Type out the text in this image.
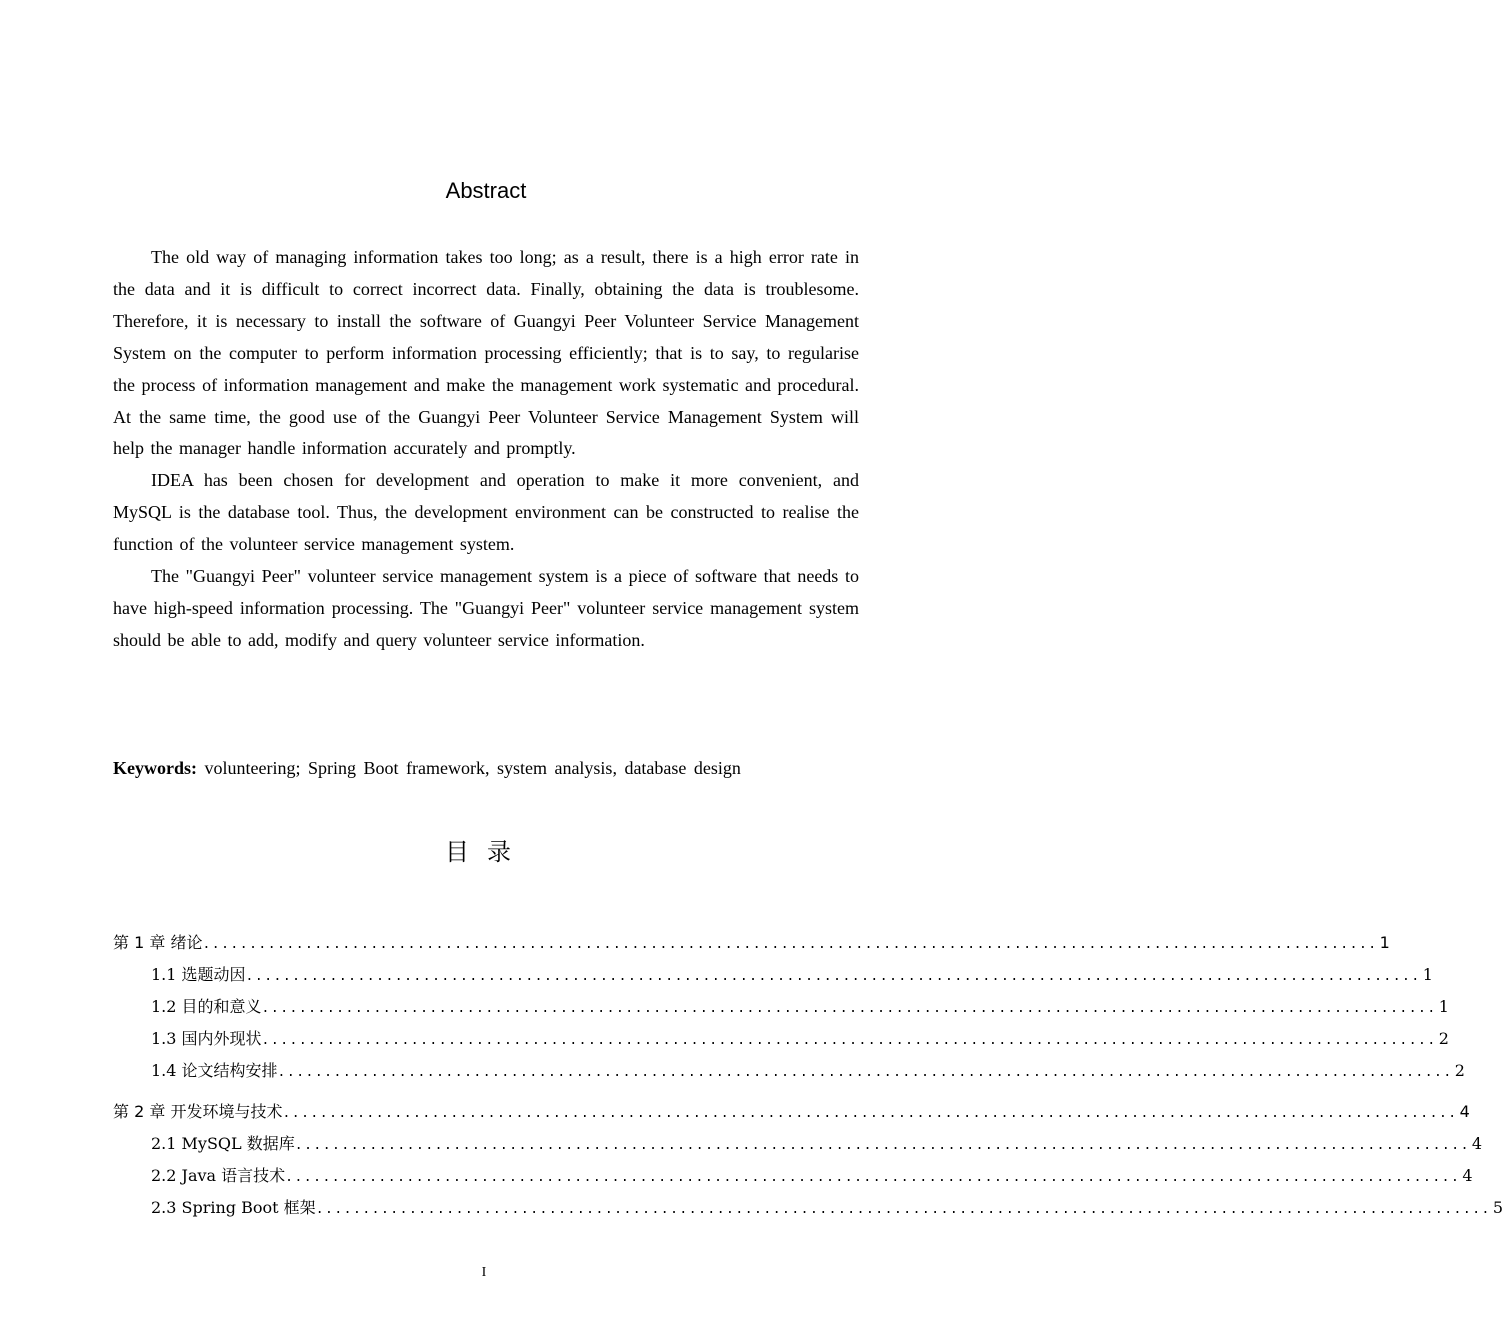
Abstract

The old way of managing information takes too long; as a result, there is a high error rate in the data and it is difficult to correct incorrect data. Finally, obtaining the data is troublesome. Therefore, it is necessary to install the software of Guangyi Peer Volunteer Service Management System on the computer to perform information processing efficiently; that is to say, to regularise the process of information management and make the management work systematic and procedural. At the same time, the good use of the Guangyi Peer Volunteer Service Management System will help the manager handle information accurately and promptly.

IDEA has been chosen for development and operation to make it more convenient, and MySQL is the database tool. Thus, the development environment can be constructed to realise the function of the volunteer service management system.

The "Guangyi Peer" volunteer service management system is a piece of software that needs to have high-speed information processing. The "Guangyi Peer" volunteer service management system should be able to add, modify and query volunteer service information.

Keywords: volunteering; Spring Boot framework, system analysis, database design
目录
第 1 章 绪论 .............................................................................................................................. 1
1.1 选题动因 .............................................................................................................................. 1
1.2 目的和意义 .............................................................................................................................. 1
1.3 国内外现状 .............................................................................................................................. 2
1.4 论文结构安排 .............................................................................................................................. 2
第 2 章 开发环境与技术 .............................................................................................................................. 4
2.1 MySQL 数据库 .............................................................................................................................. 4
2.2 Java 语言技术 .............................................................................................................................. 4
2.3 Spring Boot 框架 .............................................................................................................................. 5
I
